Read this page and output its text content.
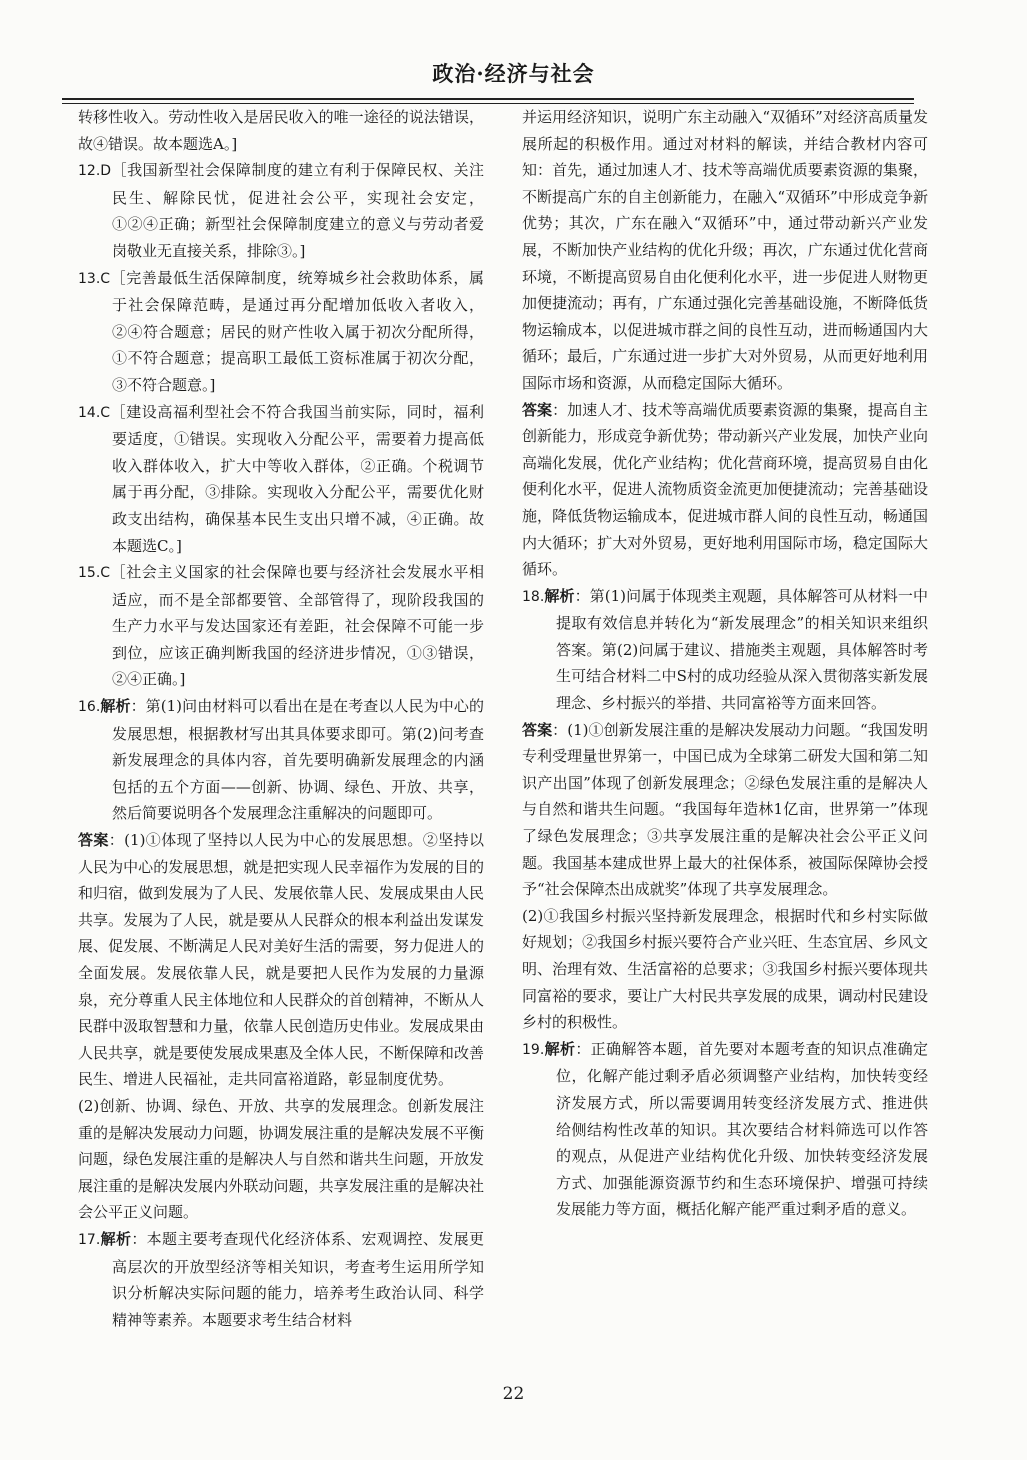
政治·经济与社会

转移性收入。劳动性收入是居民收入的唯一途径的说法错误，故④错误。故本题选A。]

12.D［我国新型社会保障制度的建立有利于保障民权、关注民生、解除民忧，促进社会公平，实现社会安定，①②④正确；新型社会保障制度建立的意义与劳动者爱岗敬业无直接关系，排除③。]

13.C［完善最低生活保障制度，统筹城乡社会救助体系，属于社会保障范畴，是通过再分配增加低收入者收入，②④符合题意；居民的财产性收入属于初次分配所得，①不符合题意；提高职工最低工资标准属于初次分配，③不符合题意。]

14.C［建设高福利型社会不符合我国当前实际，同时，福利要适度，①错误。实现收入分配公平，需要着力提高低收入群体收入，扩大中等收入群体，②正确。个税调节属于再分配，③排除。实现收入分配公平，需要优化财政支出结构，确保基本民生支出只增不减，④正确。故本题选C。]

15.C［社会主义国家的社会保障也要与经济社会发展水平相适应，而不是全部都要管、全部管得了，现阶段我国的生产力水平与发达国家还有差距，社会保障不可能一步到位，应该正确判断我国的经济进步情况，①③错误，②④正确。]

16.解析：第(1)问由材料可以看出在是在考查以人民为中心的发展思想，根据教材写出其具体要求即可。第(2)问考查新发展理念的具体内容，首先要明确新发展理念的内涵包括的五个方面——创新、协调、绿色、开放、共享，然后简要说明各个发展理念注重解决的问题即可。

答案：(1)①体现了坚持以人民为中心的发展思想。②坚持以人民为中心的发展思想，就是把实现人民幸福作为发展的目的和归宿，做到发展为了人民、发展依靠人民、发展成果由人民共享。发展为了人民，就是要从人民群众的根本利益出发谋发展、促发展、不断满足人民对美好生活的需要，努力促进人的全面发展。发展依靠人民，就是要把人民作为发展的力量源泉，充分尊重人民主体地位和人民群众的首创精神，不断从人民群中汲取智慧和力量，依靠人民创造历史伟业。发展成果由人民共享，就是要使发展成果惠及全体人民，不断保障和改善民生、增进人民福祉，走共同富裕道路，彰显制度优势。

(2)创新、协调、绿色、开放、共享的发展理念。创新发展注重的是解决发展动力问题，协调发展注重的是解决发展不平衡问题，绿色发展注重的是解决人与自然和谐共生问题，开放发展注重的是解决发展内外联动问题，共享发展注重的是解决社会公平正义问题。

17.解析：本题主要考查现代化经济体系、宏观调控、发展更高层次的开放型经济等相关知识，考查考生运用所学知识分析解决实际问题的能力，培养考生政治认同、科学精神等素养。本题要求考生结合材料

并运用经济知识，说明广东主动融入“双循环”对经济高质量发展所起的积极作用。通过对材料的解读，并结合教材内容可知：首先，通过加速人才、技术等高端优质要素资源的集聚，不断提高广东的自主创新能力，在融入“双循环”中形成竞争新优势；其次，广东在融入“双循环”中，通过带动新兴产业发展，不断加快产业结构的优化升级；再次，广东通过优化营商环境，不断提高贸易自由化便利化水平，进一步促进人财物更加便捷流动；再有，广东通过强化完善基础设施，不断降低货物运输成本，以促进城市群之间的良性互动，进而畅通国内大循环；最后，广东通过进一步扩大对外贸易，从而更好地利用国际市场和资源，从而稳定国际大循环。

答案：加速人才、技术等高端优质要素资源的集聚，提高自主创新能力，形成竞争新优势；带动新兴产业发展，加快产业向高端化发展，优化产业结构；优化营商环境，提高贸易自由化便利化水平，促进人流物质资金流更加便捷流动；完善基础设施，降低货物运输成本，促进城市群人间的良性互动，畅通国内大循环；扩大对外贸易，更好地利用国际市场，稳定国际大循环。

18.解析：第(1)问属于体现类主观题，具体解答可从材料一中提取有效信息并转化为“新发展理念”的相关知识来组织答案。第(2)问属于建议、措施类主观题，具体解答时考生可结合材料二中S村的成功经验从深入贯彻落实新发展理念、乡村振兴的举措、共同富裕等方面来回答。

答案：(1)①创新发展注重的是解决发展动力问题。“我国发明专利受理量世界第一，中国已成为全球第二研发大国和第二知识产出国”体现了创新发展理念；②绿色发展注重的是解决人与自然和谐共生问题。“我国每年造林1亿亩，世界第一”体现了绿色发展理念；③共享发展注重的是解决社会公平正义问题。我国基本建成世界上最大的社保体系，被国际保障协会授予“社会保障杰出成就奖”体现了共享发展理念。

(2)①我国乡村振兴坚持新发展理念，根据时代和乡村实际做好规划；②我国乡村振兴要符合产业兴旺、生态宜居、乡风文明、治理有效、生活富裕的总要求；③我国乡村振兴要体现共同富裕的要求，要让广大村民共享发展的成果，调动村民建设乡村的积极性。

19.解析：正确解答本题，首先要对本题考查的知识点准确定位，化解产能过剩矛盾必须调整产业结构，加快转变经济发展方式，所以需要调用转变经济发展方式、推进供给侧结构性改革的知识。其次要结合材料筛选可以作答的观点，从促进产业结构优化升级、加快转变经济发展方式、加强能源资源节约和生态环境保护、增强可持续发展能力等方面，概括化解产能严重过剩矛盾的意义。

22
